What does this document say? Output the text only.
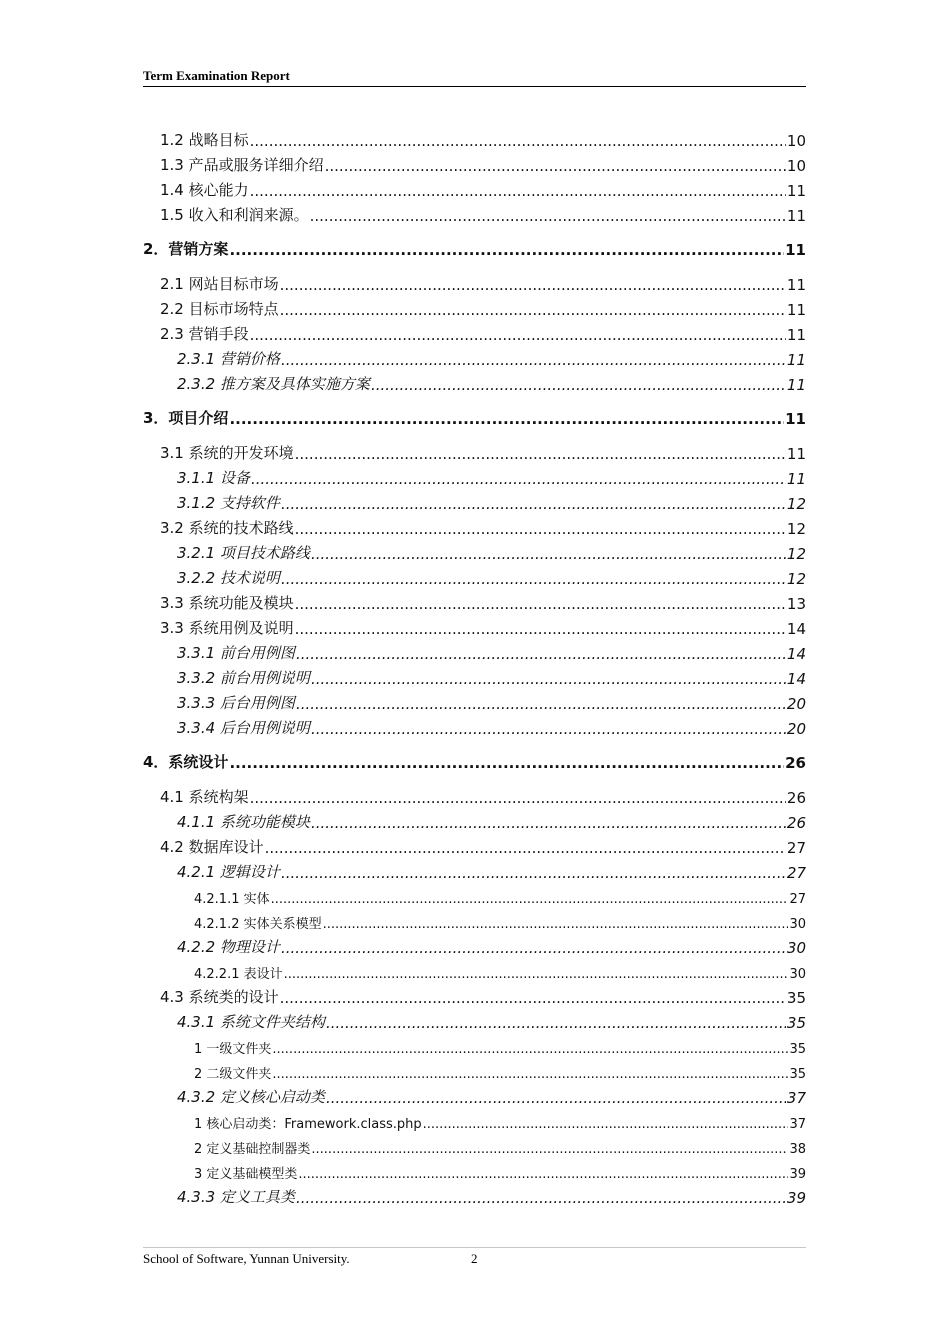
Term Examination Report
1.2 战略目标 .....	10
1.3 产品或服务详细介绍 .....	10
1.4 核心能力 .....	11
1.5 收入和利润来源。 .....	11
2．营销方案 .....	11
2.1 网站目标市场 .....	11
2.2 目标市场特点 .....	11
2.3 营销手段 .....	11
2.3.1 营销价格 .....	11
2.3.2 推方案及具体实施方案 .....	11
3．项目介绍 .....	11
3.1 系统的开发环境 .....	11
3.1.1 设备 .....	11
3.1.2 支持软件 .....	12
3.2 系统的技术路线 .....	12
3.2.1 项目技术路线 .....	12
3.2.2 技术说明 .....	12
3.3 系统功能及模块 .....	13
3.3 系统用例及说明 .....	14
3.3.1 前台用例图 .....	14
3.3.2 前台用例说明 .....	14
3.3.3 后台用例图 .....	20
3.3.4 后台用例说明 .....	20
4．系统设计 .....	26
4.1 系统构架 .....	26
4.1.1 系统功能模块 .....	26
4.2 数据库设计 .....	27
4.2.1 逻辑设计 .....	27
4.2.1.1 实体 .....	27
4.2.1.2 实体关系模型 .....	30
4.2.2 物理设计 .....	30
4.2.2.1 表设计 .....	30
4.3 系统类的设计 .....	35
4.3.1 系统文件夹结构 .....	35
1 一级文件夹 .....	35
2 二级文件夹 .....	35
4.3.2 定义核心启动类 .....	37
1 核心启动类：Framework.class.php .....	37
2 定义基础控制器类 .....	38
3 定义基础模型类 .....	39
4.3.3 定义工具类 .....	39
School of Software, Yunnan University.	2
